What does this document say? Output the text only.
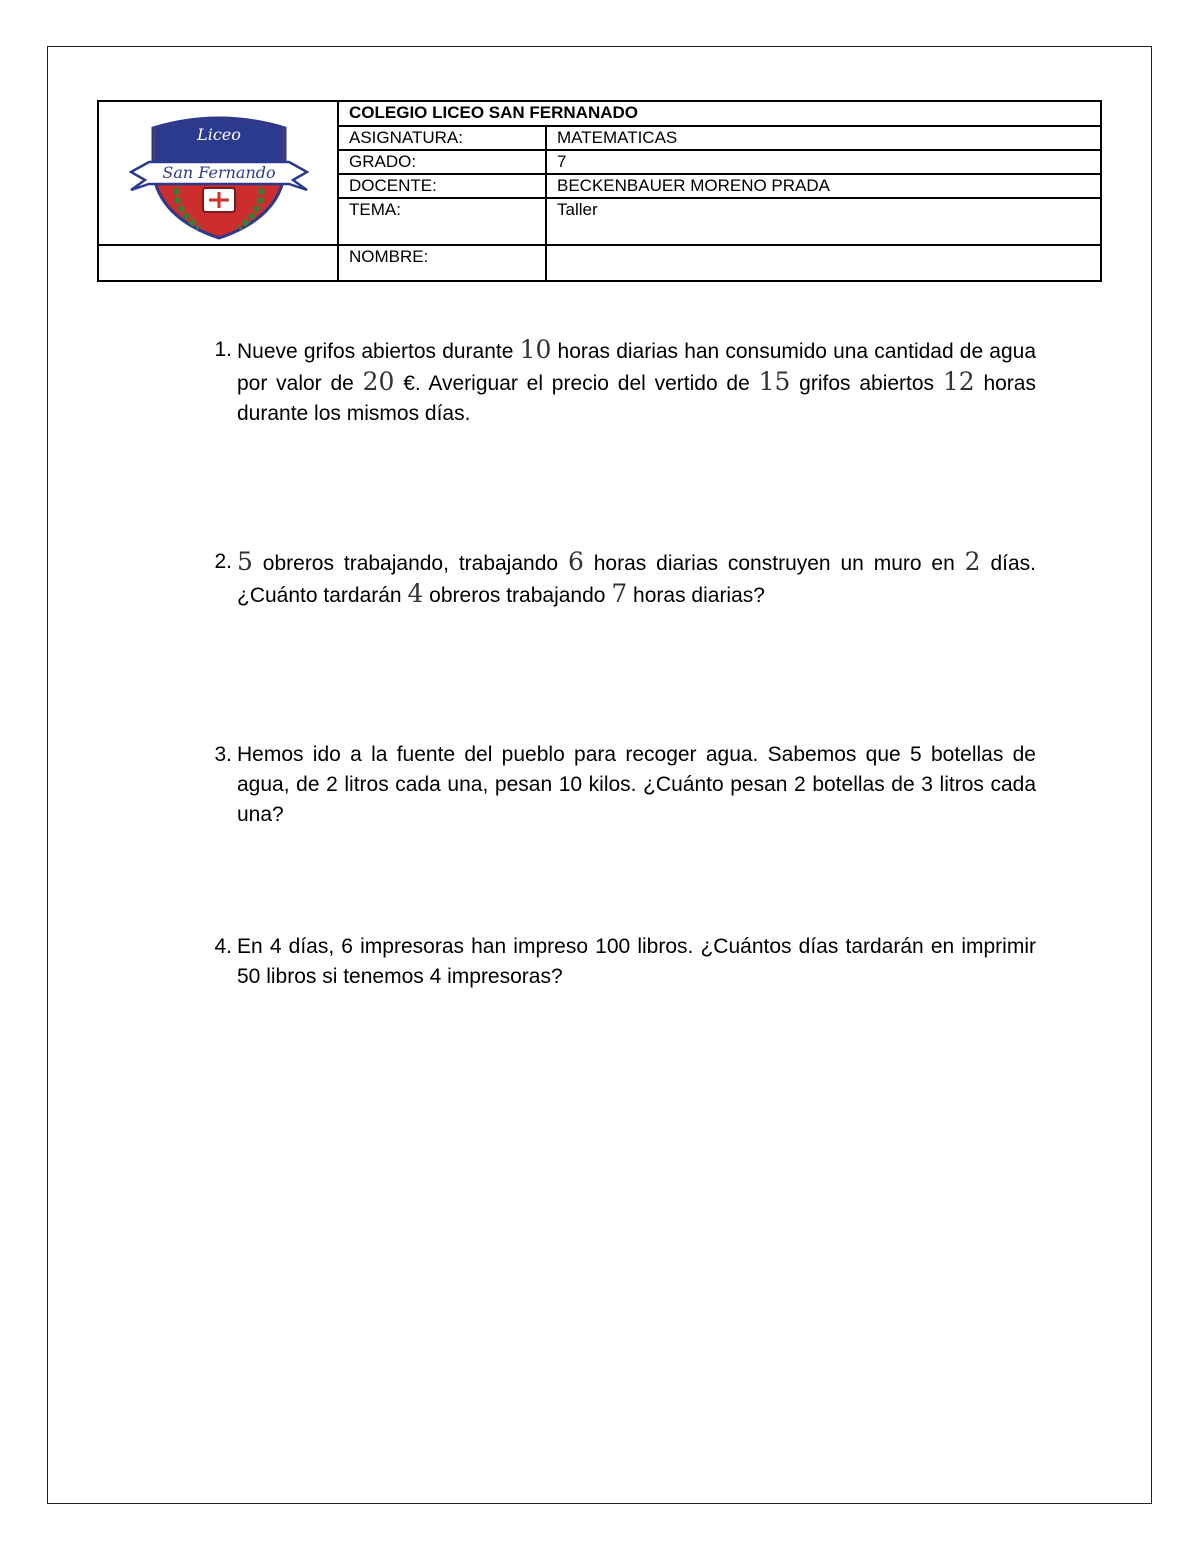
Liceo
San Fernando	COLEGIO LICEO SAN FERNANADO	
	ASIGNATURA:	MATEMATICAS
	GRADO:	7
	DOCENTE:	BECKENBAUER MORENO PRADA
	TEMA:	Taller
	NOMBRE:	
1. Nueve grifos abiertos durante 10 horas diarias han consumido una cantidad de agua por valor de 20 €. Averiguar el precio del vertido de 15 grifos abiertos 12 horas durante los mismos días.
2. 5 obreros trabajando, trabajando 6 horas diarias construyen un muro en 2 días. ¿Cuánto tardarán 4 obreros trabajando 7 horas diarias?
3. Hemos ido a la fuente del pueblo para recoger agua. Sabemos que 5 botellas de agua, de 2 litros cada una, pesan 10 kilos. ¿Cuánto pesan 2 botellas de 3 litros cada una?
4. En 4 días, 6 impresoras han impreso 100 libros. ¿Cuántos días tardarán en imprimir 50 libros si tenemos 4 impresoras?
